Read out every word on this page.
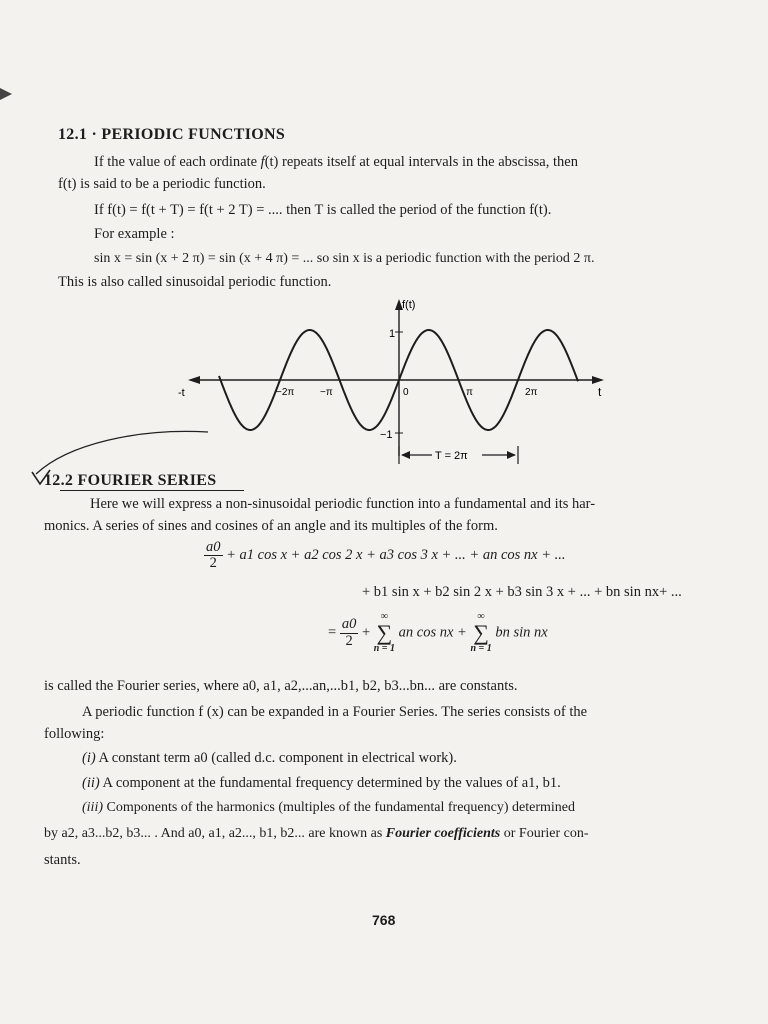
12.1 · PERIODIC FUNCTIONS
If the value of each ordinate f(t) repeats itself at equal intervals in the abscissa, then
f(t) is said to be a periodic function.
If f(t) = f(t + T) = f(t + 2 T) = .... then T is called the period of the function f(t).
For example :
sin x = sin (x + 2 π) = sin (x + 4 π) = ... so sin x is a periodic function with the period 2 π.
This is also called sinusoidal periodic function.
f(t)
-t	t
1
−1
−2π	−π	0	π	2π
T = 2π
12.2 FOURIER SERIES
Here we will express a non-sinusoidal periodic function into a fundamental and its har-
monics. A series of sines and cosines of an angle and its multiples of the form.
$\frac{a0}{2} + a1$ cos x + a2 cos 2 x + a3 cos 3 x + ... + an cos nx + ...
+ b1 sin x + b2 sin 2 x + b3 sin 3 x + ... + bn sin nx+ ...
= $\frac{a0}{2}$ +
∞
∑
n = 1
an cos nx +
∞
∑
n = 1
bn sin nx
is called the Fourier series, where a0, a1, a2,...an,...b1, b2, b3...bn... are constants.
A periodic function f (x) can be expanded in a Fourier Series. The series consists of the
following:
(i) A constant term a0 (called d.c. component in electrical work).
(ii) A component at the fundamental frequency determined by the values of a1, b1.
(iii) Components of the harmonics (multiples of the fundamental frequency) determined
by a2, a3...b2, b3... . And a0, a1, a2..., b1, b2... are known as Fourier coefficients or Fourier con-
stants.
768
